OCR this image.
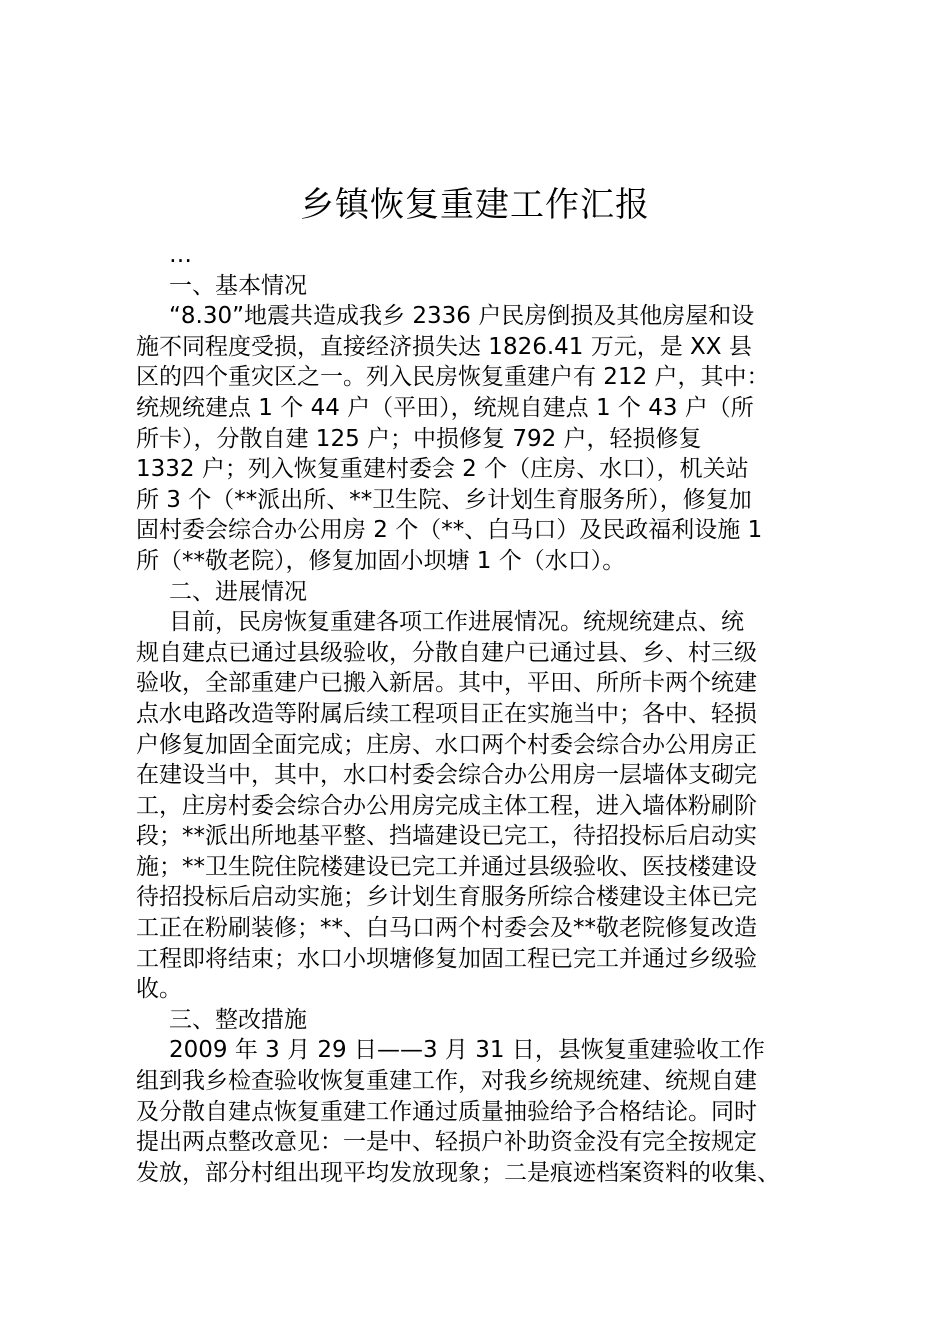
乡镇恢复重建工作汇报
…
一、基本情况
“8.30”地震共造成我乡 2336 户民房倒损及其他房屋和设
施不同程度受损，直接经济损失达 1826.41 万元，是 XX 县
区的四个重灾区之一。列入民房恢复重建户有 212 户，其中：
统规统建点 1 个 44 户（平田），统规自建点 1 个 43 户（所
所卡），分散自建 125 户；中损修复 792 户，轻损修复
1332 户；列入恢复重建村委会 2 个（庄房、水口），机关站
所 3 个（**派出所、**卫生院、乡计划生育服务所），修复加
固村委会综合办公用房 2 个（**、白马口）及民政福利设施 1
所（**敬老院），修复加固小坝塘 1 个（水口）。
二、进展情况
目前，民房恢复重建各项工作进展情况。统规统建点、统
规自建点已通过县级验收，分散自建户已通过县、乡、村三级
验收，全部重建户已搬入新居。其中，平田、所所卡两个统建
点水电路改造等附属后续工程项目正在实施当中；各中、轻损
户修复加固全面完成；庄房、水口两个村委会综合办公用房正
在建设当中，其中，水口村委会综合办公用房一层墙体支砌完
工，庄房村委会综合办公用房完成主体工程，进入墙体粉刷阶
段；**派出所地基平整、挡墙建设已完工，待招投标后启动实
施；**卫生院住院楼建设已完工并通过县级验收、医技楼建设
待招投标后启动实施；乡计划生育服务所综合楼建设主体已完
工正在粉刷装修；**、白马口两个村委会及**敬老院修复改造
工程即将结束；水口小坝塘修复加固工程已完工并通过乡级验
收。
三、整改措施
2009 年 3 月 29 日——3 月 31 日，县恢复重建验收工作
组到我乡检查验收恢复重建工作，对我乡统规统建、统规自建
及分散自建点恢复重建工作通过质量抽验给予合格结论。同时
提出两点整改意见：一是中、轻损户补助资金没有完全按规定
发放，部分村组出现平均发放现象；二是痕迹档案资料的收集、
